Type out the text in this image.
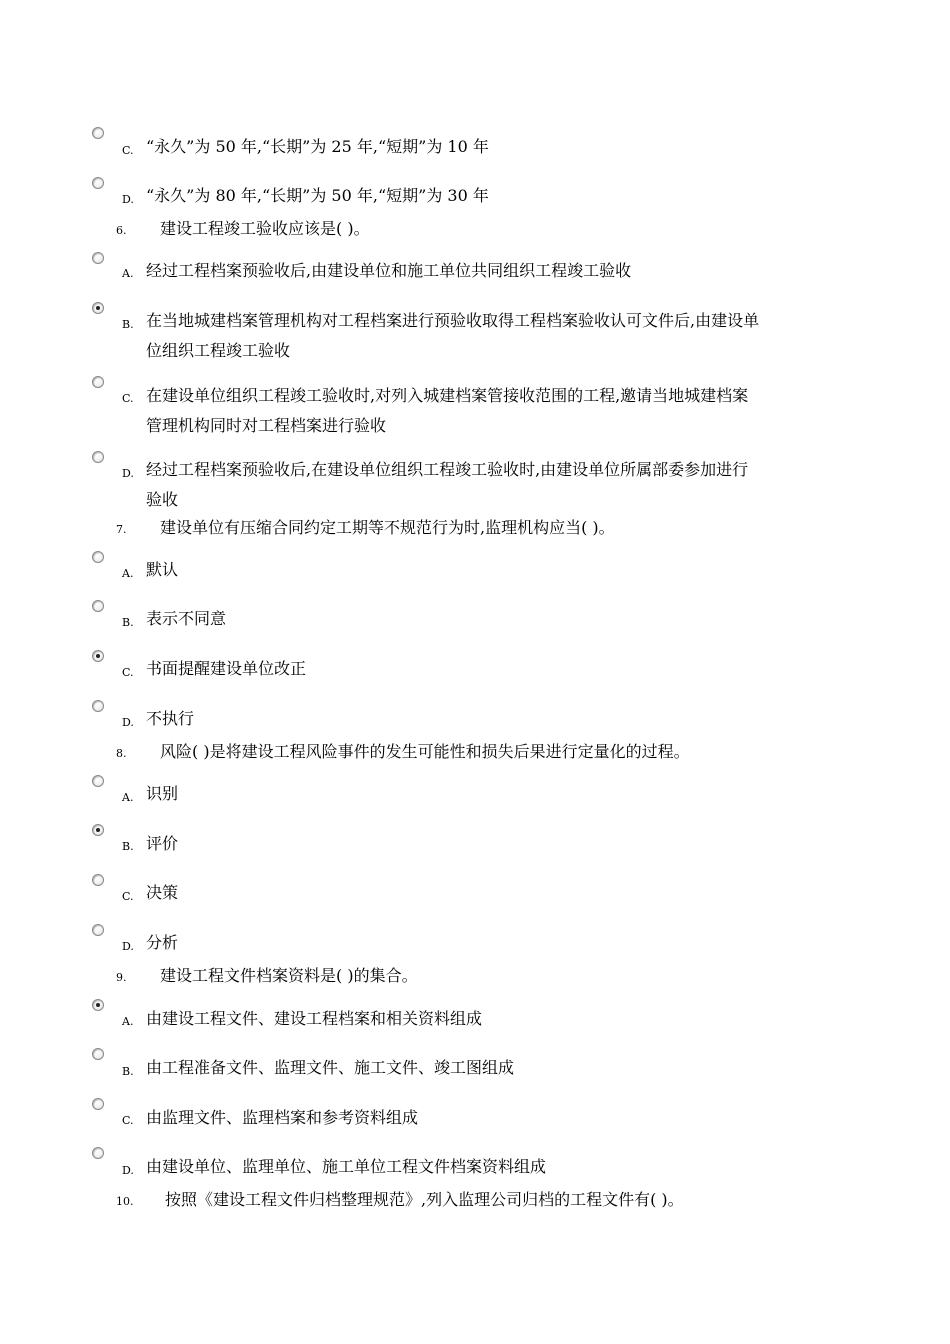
C. “永久”为 50 年,“长期”为 25 年,“短期”为 10 年
D. “永久”为 80 年,“长期”为 50 年,“短期”为 30 年
6. 建设工程竣工验收应该是( )。
A. 经过工程档案预验收后,由建设单位和施工单位共同组织工程竣工验收
B. 在当地城建档案管理机构对工程档案进行预验收取得工程档案验收认可文件后,由建设单
位组织工程竣工验收
C. 在建设单位组织工程竣工验收时,对列入城建档案管接收范围的工程,邀请当地城建档案
管理机构同时对工程档案进行验收
D. 经过工程档案预验收后,在建设单位组织工程竣工验收时,由建设单位所属部委参加进行
验收
7. 建设单位有压缩合同约定工期等不规范行为时,监理机构应当( )。
A. 默认
B. 表示不同意
C. 书面提醒建设单位改正
D. 不执行
8. 风险( )是将建设工程风险事件的发生可能性和损失后果进行定量化的过程。
A. 识别
B. 评价
C. 决策
D. 分析
9. 建设工程文件档案资料是( )的集合。
A. 由建设工程文件、建设工程档案和相关资料组成
B. 由工程准备文件、监理文件、施工文件、竣工图组成
C. 由监理文件、监理档案和参考资料组成
D. 由建设单位、监理单位、施工单位工程文件档案资料组成
10. 按照《建设工程文件归档整理规范》,列入监理公司归档的工程文件有( )。
